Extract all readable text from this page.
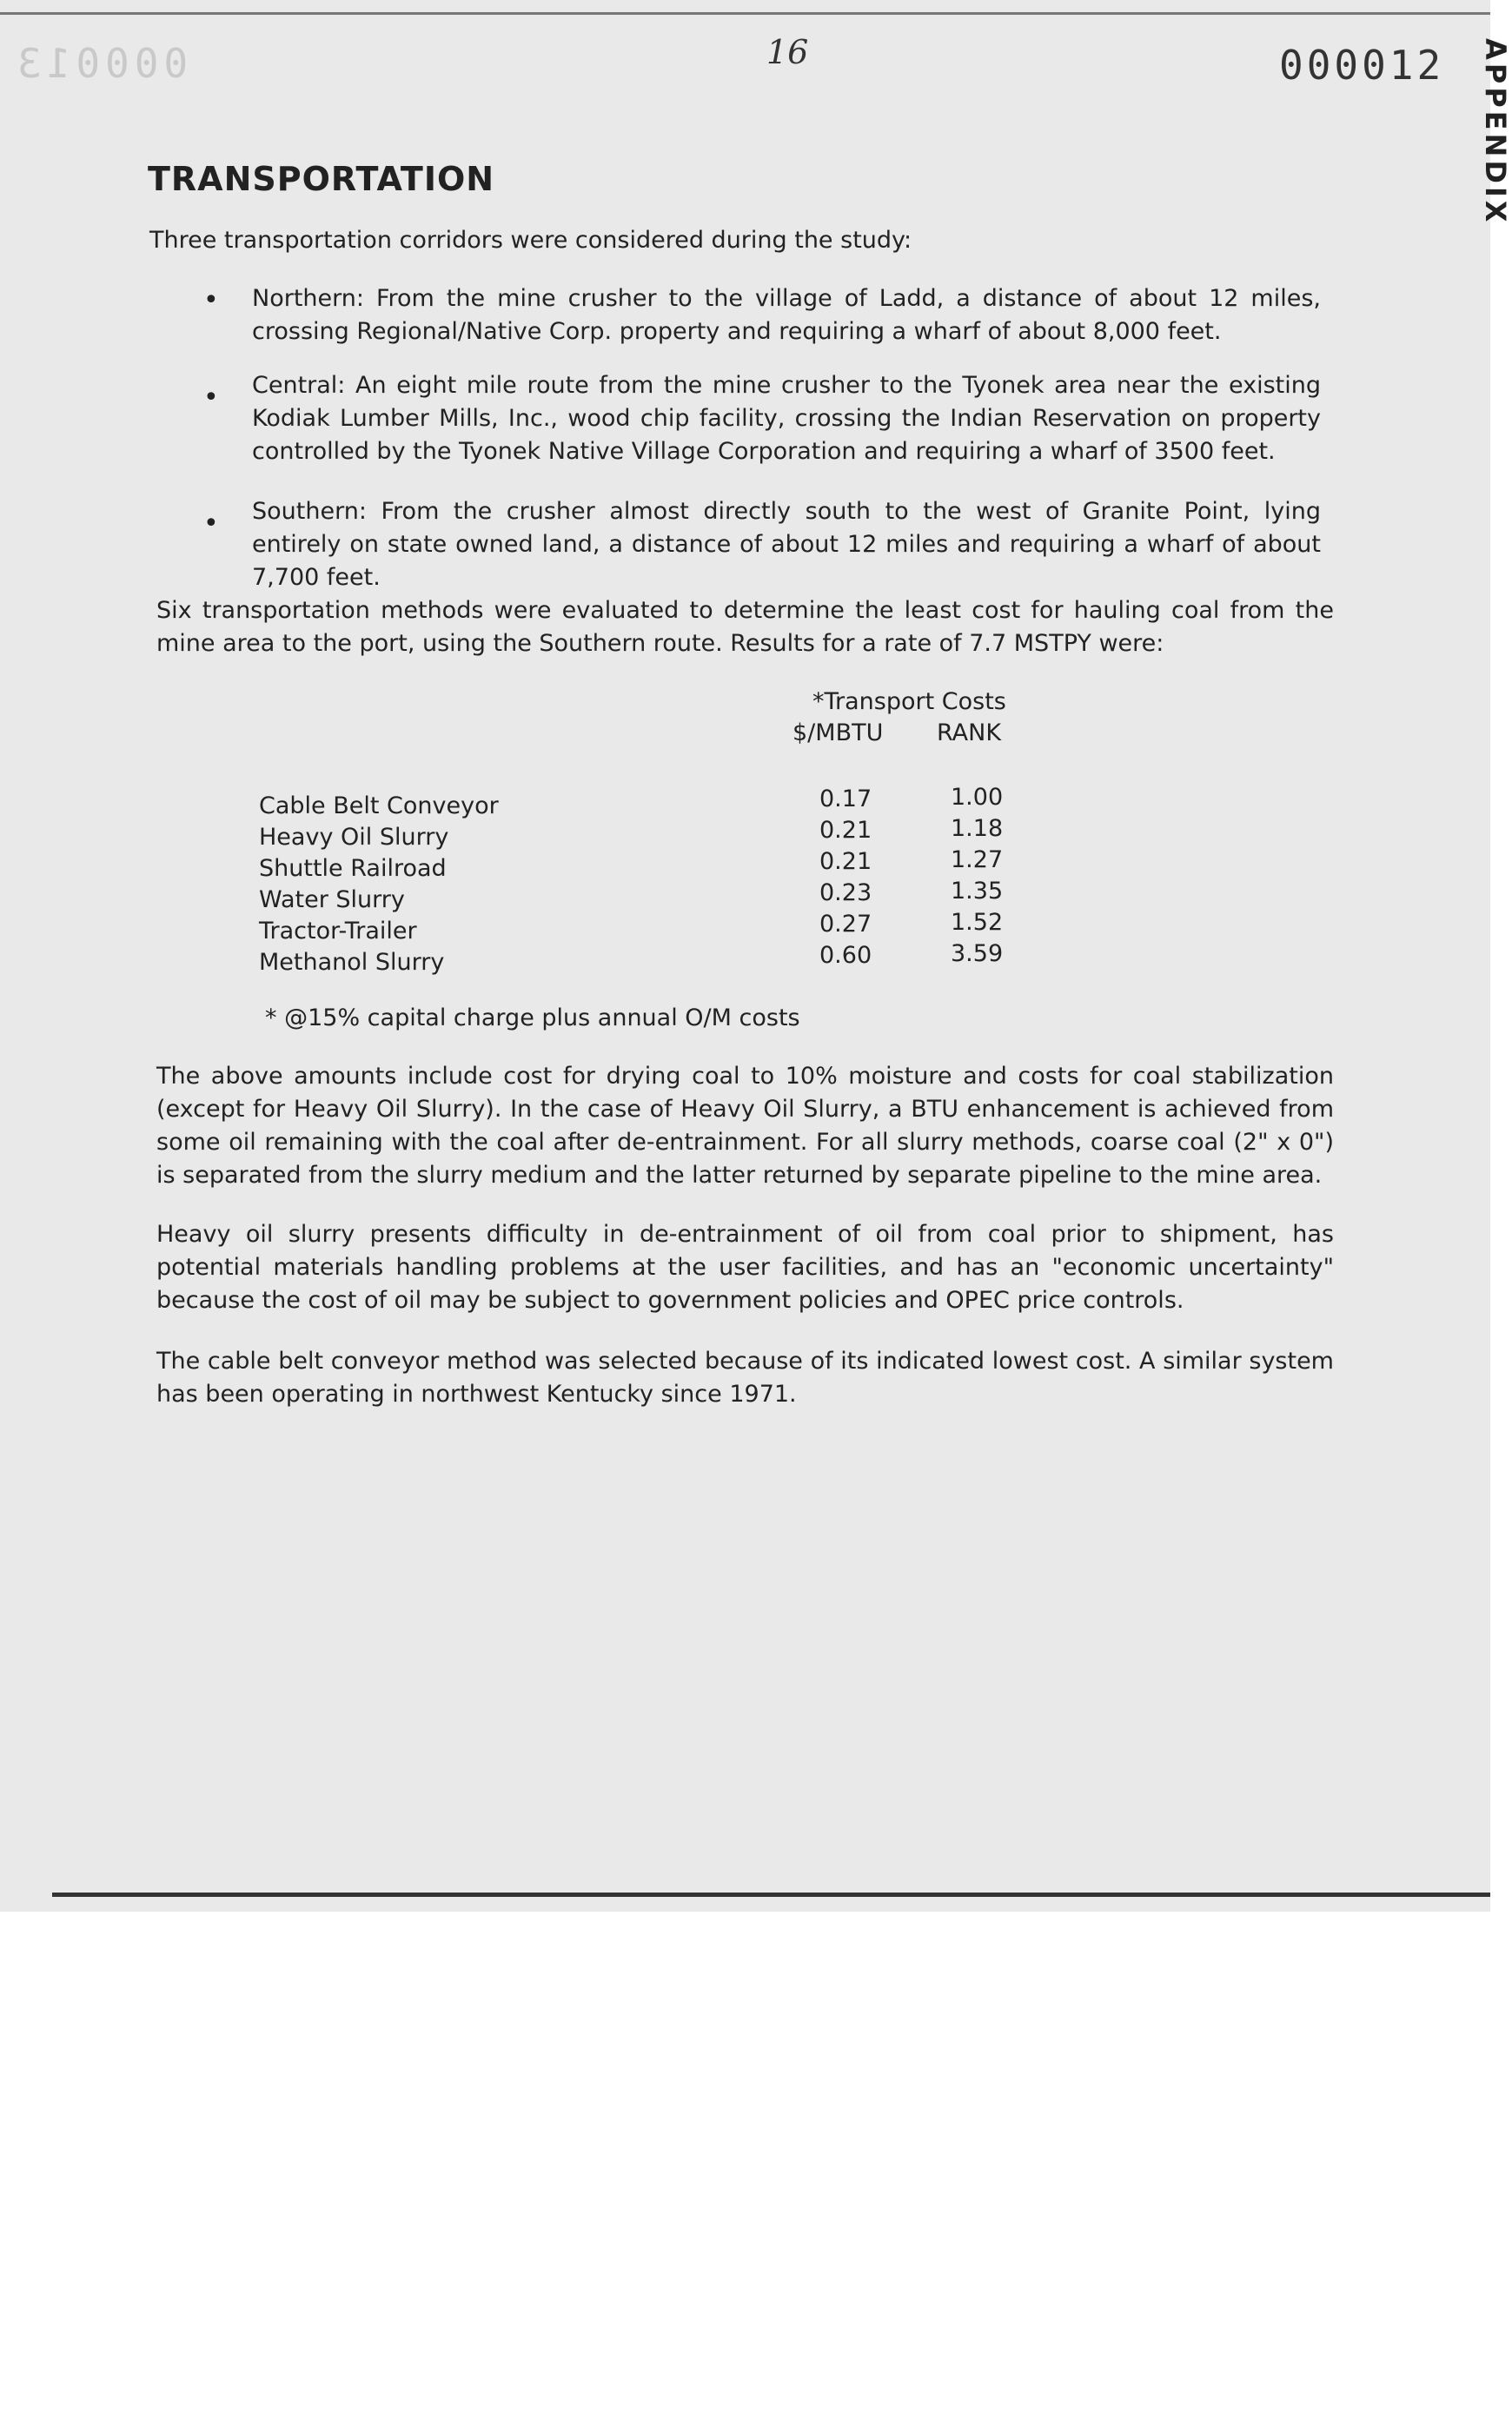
000013	16	000012 APPENDIX
TRANSPORTATION
Three transportation corridors were considered during the study:
• Northern: From the mine crusher to the village of Ladd, a distance of about 12 miles, crossing Regional/Native Corp. property and requiring a wharf of about 8,000 feet.
• Central: An eight mile route from the mine crusher to the Tyonek area near the existing Kodiak Lumber Mills, Inc., wood chip facility, crossing the Indian Reservation on property controlled by the Tyonek Native Village Corporation and requiring a wharf of 3500 feet.
• Southern: From the crusher almost directly south to the west of Granite Point, lying entirely on state owned land, a distance of about 12 miles and requiring a wharf of about 7,700 feet.
Six transportation methods were evaluated to determine the least cost for hauling coal from the mine area to the port, using the Southern route. Results for a rate of 7.7 MSTPY were:
*Transport Costs
$/MBTU RANK
Cable Belt Conveyor	0.17	1.00
Heavy Oil Slurry	0.21	1.18
Shuttle Railroad	0.21	1.27
Water Slurry	0.23	1.35
Tractor-Trailer	0.27	1.52
Methanol Slurry	0.60	3.59
* @15% capital charge plus annual O/M costs
The above amounts include cost for drying coal to 10% moisture and costs for coal stabilization (except for Heavy Oil Slurry). In the case of Heavy Oil Slurry, a BTU enhancement is achieved from some oil remaining with the coal after de-entrainment. For all slurry methods, coarse coal (2" x 0") is separated from the slurry medium and the latter returned by separate pipeline to the mine area.
Heavy oil slurry presents difficulty in de-entrainment of oil from coal prior to shipment, has potential materials handling problems at the user facilities, and has an "economic uncertainty" because the cost of oil may be subject to government policies and OPEC price controls.
The cable belt conveyor method was selected because of its indicated lowest cost. A similar system has been operating in northwest Kentucky since 1971.
